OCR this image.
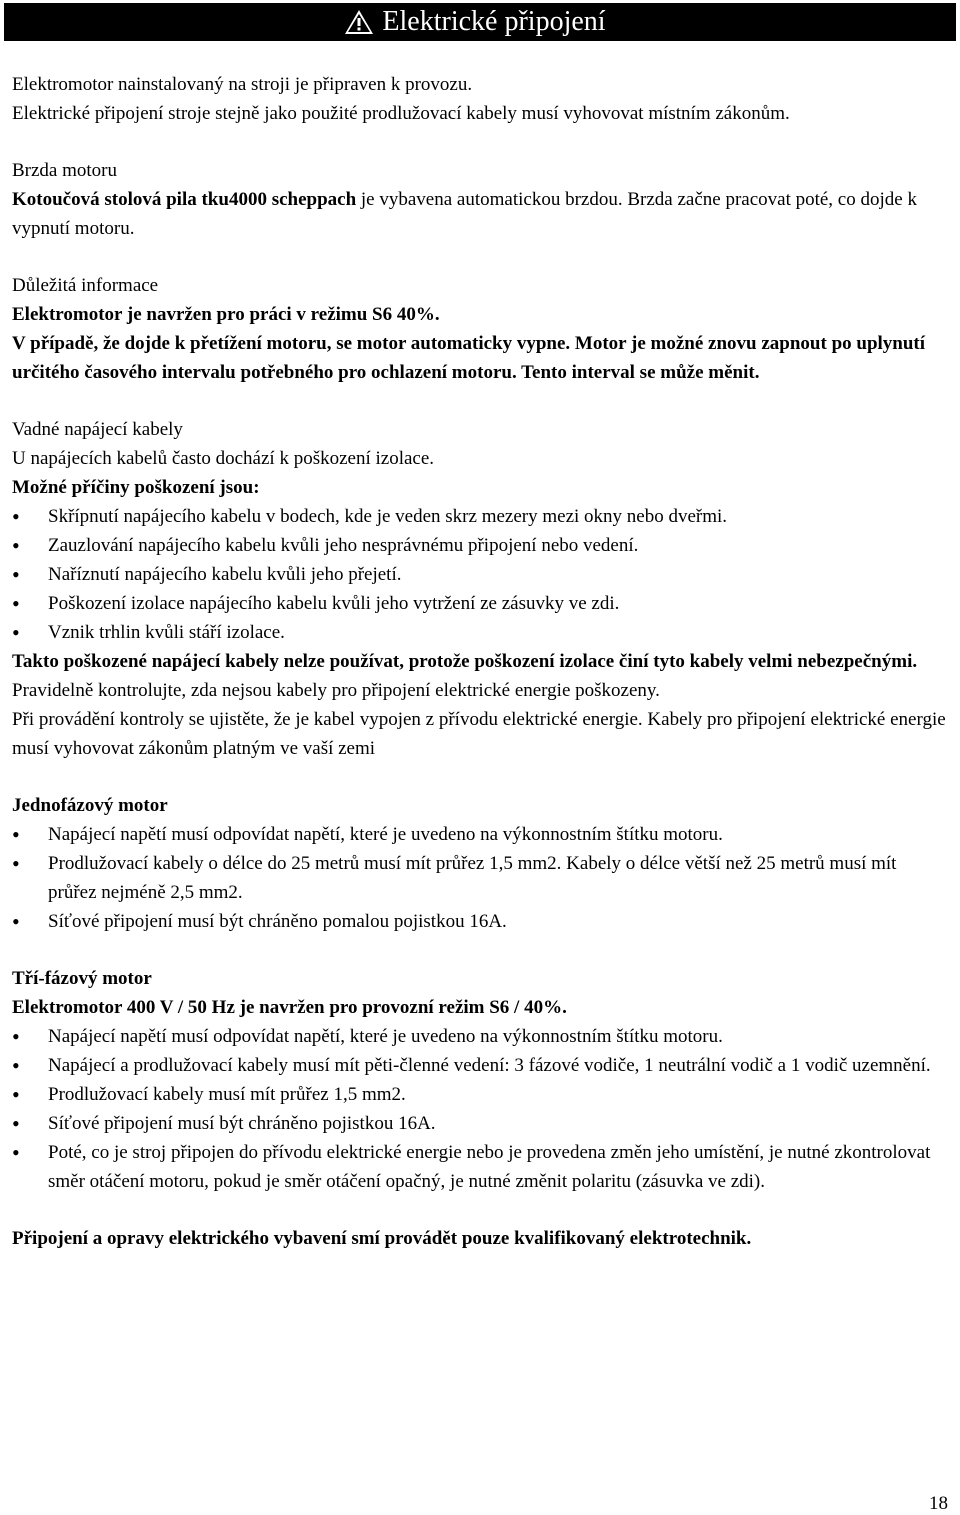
Elektrické připojení

Elektromotor nainstalovaný na stroji je připraven k provozu.

Elektrické připojení stroje stejně jako použité prodlužovací kabely musí vyhovovat místním zákonům.

Brzda motoru

Kotoučová stolová pila tku4000 scheppach je vybavena automatickou brzdou. Brzda začne pracovat poté, co dojde k vypnutí motoru.

Důležitá informace

Elektromotor je navržen pro práci v režimu S6 40%.

V případě, že dojde k přetížení motoru, se motor automaticky vypne. Motor je možné znovu zapnout po uplynutí určitého časového intervalu potřebného pro ochlazení motoru. Tento interval se může měnit.

Vadné napájecí kabely

U napájecích kabelů často dochází k poškození izolace.

Možné příčiny poškození jsou:

• Skřípnutí napájecího kabelu v bodech, kde je veden skrz mezery mezi okny nebo dveřmi.
• Zauzlování napájecího kabelu kvůli jeho nesprávnému připojení nebo vedení.
• Naříznutí napájecího kabelu kvůli jeho přejetí.
• Poškození izolace napájecího kabelu kvůli jeho vytržení ze zásuvky ve zdi.
• Vznik trhlin kvůli stáří izolace.

Takto poškozené napájecí kabely nelze používat, protože poškození izolace činí tyto kabely velmi nebezpečnými.

Pravidelně kontrolujte, zda nejsou kabely pro připojení elektrické energie poškozeny.

Při provádění kontroly se ujistěte, že je kabel vypojen z přívodu elektrické energie. Kabely pro připojení elektrické energie musí vyhovovat zákonům platným ve vaší zemi

Jednofázový motor

• Napájecí napětí musí odpovídat napětí, které je uvedeno na výkonnostním štítku motoru.
• Prodlužovací kabely o délce do 25 metrů musí mít průřez 1,5 mm2. Kabely o délce větší než 25 metrů musí mít průřez nejméně 2,5 mm2.
• Síťové připojení musí být chráněno pomalou pojistkou 16A.

Tří-fázový motor

Elektromotor 400 V / 50 Hz je navržen pro provozní režim S6 / 40%.

• Napájecí napětí musí odpovídat napětí, které je uvedeno na výkonnostním štítku motoru.
• Napájecí a prodlužovací kabely musí mít pěti-členné vedení: 3 fázové vodiče, 1 neutrální vodič a 1 vodič uzemnění.
• Prodlužovací kabely musí mít průřez 1,5 mm2.
• Síťové připojení musí být chráněno pojistkou 16A.
• Poté, co je stroj připojen do přívodu elektrické energie nebo je provedena změn jeho umístění, je nutné zkontrolovat směr otáčení motoru, pokud je směr otáčení opačný, je nutné změnit polaritu (zásuvka ve zdi).

Připojení a opravy elektrického vybavení smí provádět pouze kvalifikovaný elektrotechnik.

18
